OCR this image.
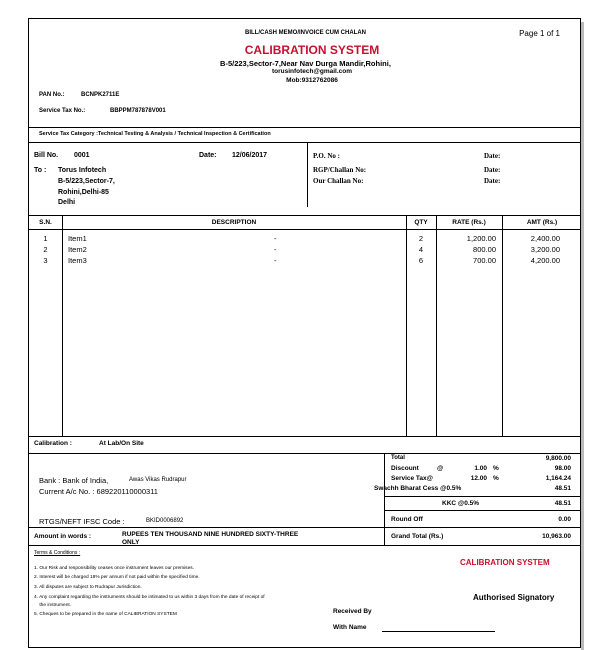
BILL/CASH MEMO/INVOICE CUM CHALAN	Page 1 of 1
CALIBRATION SYSTEM
B-5/223,Sector-7,Near Nav Durga Mandir,Rohini,
torusinfotech@gmail.com
Mob:9312762086
PAN No.:	BCNPK2711E
Service Tax No.:	BBPPM787878V001
Service Tax Category :Technical Testing & Analysis / Technical Inspection & Certification
Bill No. 0001	Date: 12/06/2017
To : Torus Infotech
B-5/223,Sector-7,
Rohini,Delhi-85
Delhi
P.O. No :	Date:
RGP/Challan No:	Date:
Our Challan No:	Date:
S.N.	DESCRIPTION	QTY	RATE (Rs.)	AMT (Rs.)
1	Item1	-	2	1,200.00	2,400.00
2	Item2	-	4	800.00	3,200.00
3	Item3	-	6	700.00	4,200.00
Calibration :	At Lab/On Site
Bank : Bank of India,	Awas Vikas Rudrapur
Current A/c No. : 689220110000311
RTGS/NEFT IFSC Code :	BKID0006892
Total	9,800.00
Discount	@	1.00 %	98.00
Service Tax@	12.00 %	1,164.24
Swachh Bharat Cess @0.5%	48.51
KKC @0.5%	48.51
Round Off	0.00
Amount in words :	RUPEES TEN THOUSAND NINE HUNDRED SIXTY-THREE
ONLY
Grand Total (Rs.)	10,963.00
Terms & Conditions :
1. Our Risk and responsibility ceases once instrument leaves our premises.
2. Interest will be charged 18% per annum if not paid within the specified time.
3. All disputes are subject to Rudrapur Jurisdiction.
4. Any complaint regarding the instruments should be intimated to us within 3 days from the date of receipt of
the instrument.
5. Cheques to be prepared in the name of CALIBRATION SYSTEM
CALIBRATION SYSTEM
Authorised Signatory
Received By
With Name
